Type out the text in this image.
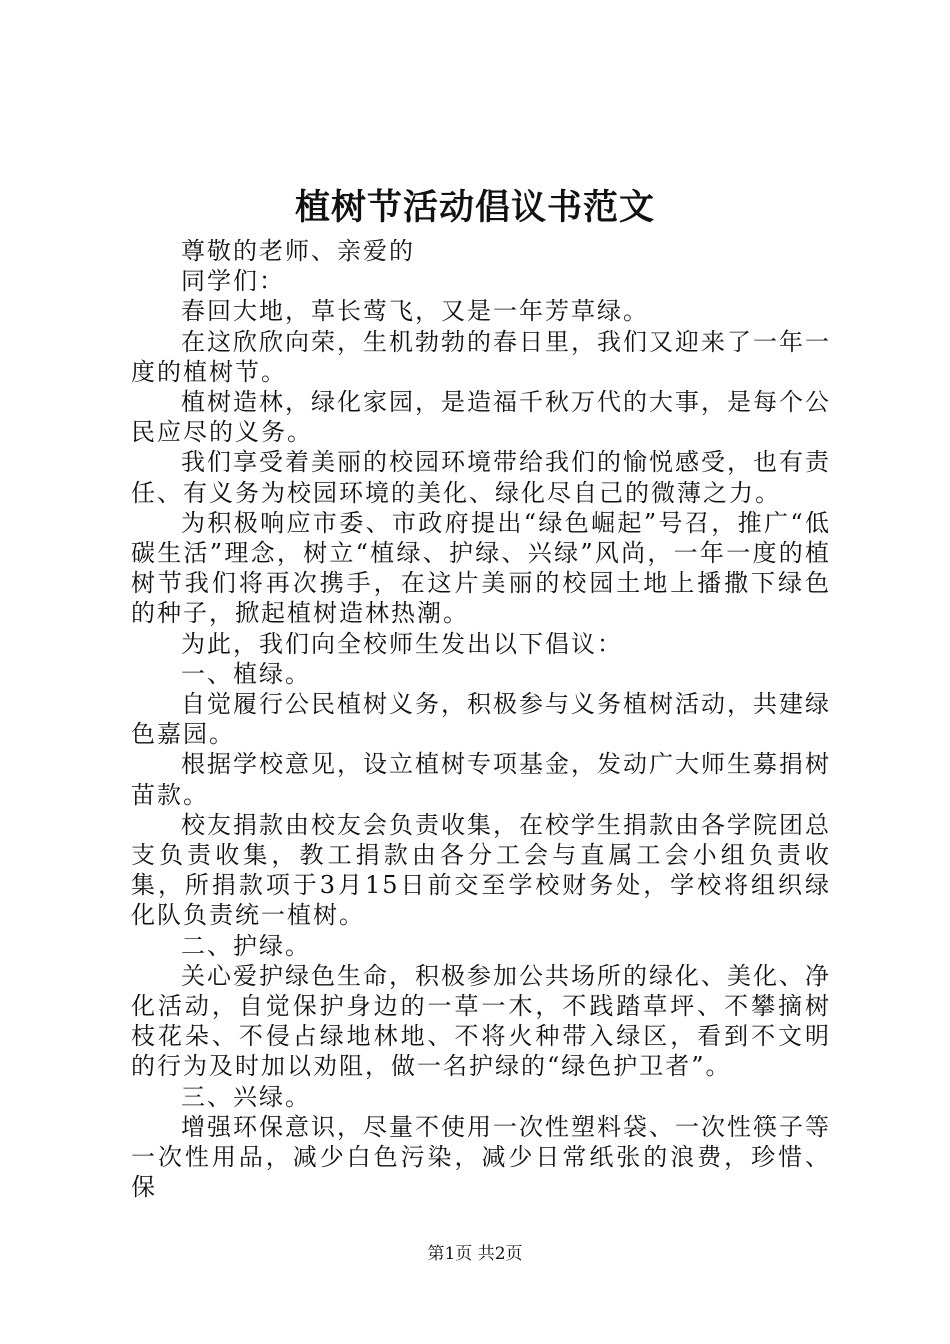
植树节活动倡议书范文

尊敬的老师、亲爱的

同学们：

春回大地，草长莺飞，又是一年芳草绿。

在这欣欣向荣，生机勃勃的春日里，我们又迎来了一年一度的植树节。

植树造林，绿化家园，是造福千秋万代的大事，是每个公民应尽的义务。

我们享受着美丽的校园环境带给我们的愉悦感受，也有责任、有义务为校园环境的美化、绿化尽自己的微薄之力。

为积极响应市委、市政府提出“绿色崛起”号召，推广“低碳生活”理念，树立“植绿、护绿、兴绿”风尚，一年一度的植树节我们将再次携手，在这片美丽的校园土地上播撒下绿色的种子，掀起植树造林热潮。

为此，我们向全校师生发出以下倡议：

一、植绿。

自觉履行公民植树义务，积极参与义务植树活动，共建绿色嘉园。

根据学校意见，设立植树专项基金，发动广大师生募捐树苗款。

校友捐款由校友会负责收集，在校学生捐款由各学院团总支负责收集，教工捐款由各分工会与直属工会小组负责收集，所捐款项于3月15日前交至学校财务处，学校将组织绿化队负责统一植树。

二、护绿。

关心爱护绿色生命，积极参加公共场所的绿化、美化、净化活动，自觉保护身边的一草一木，不践踏草坪、不攀摘树枝花朵、不侵占绿地林地、不将火种带入绿区，看到不文明的行为及时加以劝阻，做一名护绿的“绿色护卫者”。

三、兴绿。

增强环保意识，尽量不使用一次性塑料袋、一次性筷子等一次性用品，减少白色污染，减少日常纸张的浪费，珍惜、保

第1页 共2页
